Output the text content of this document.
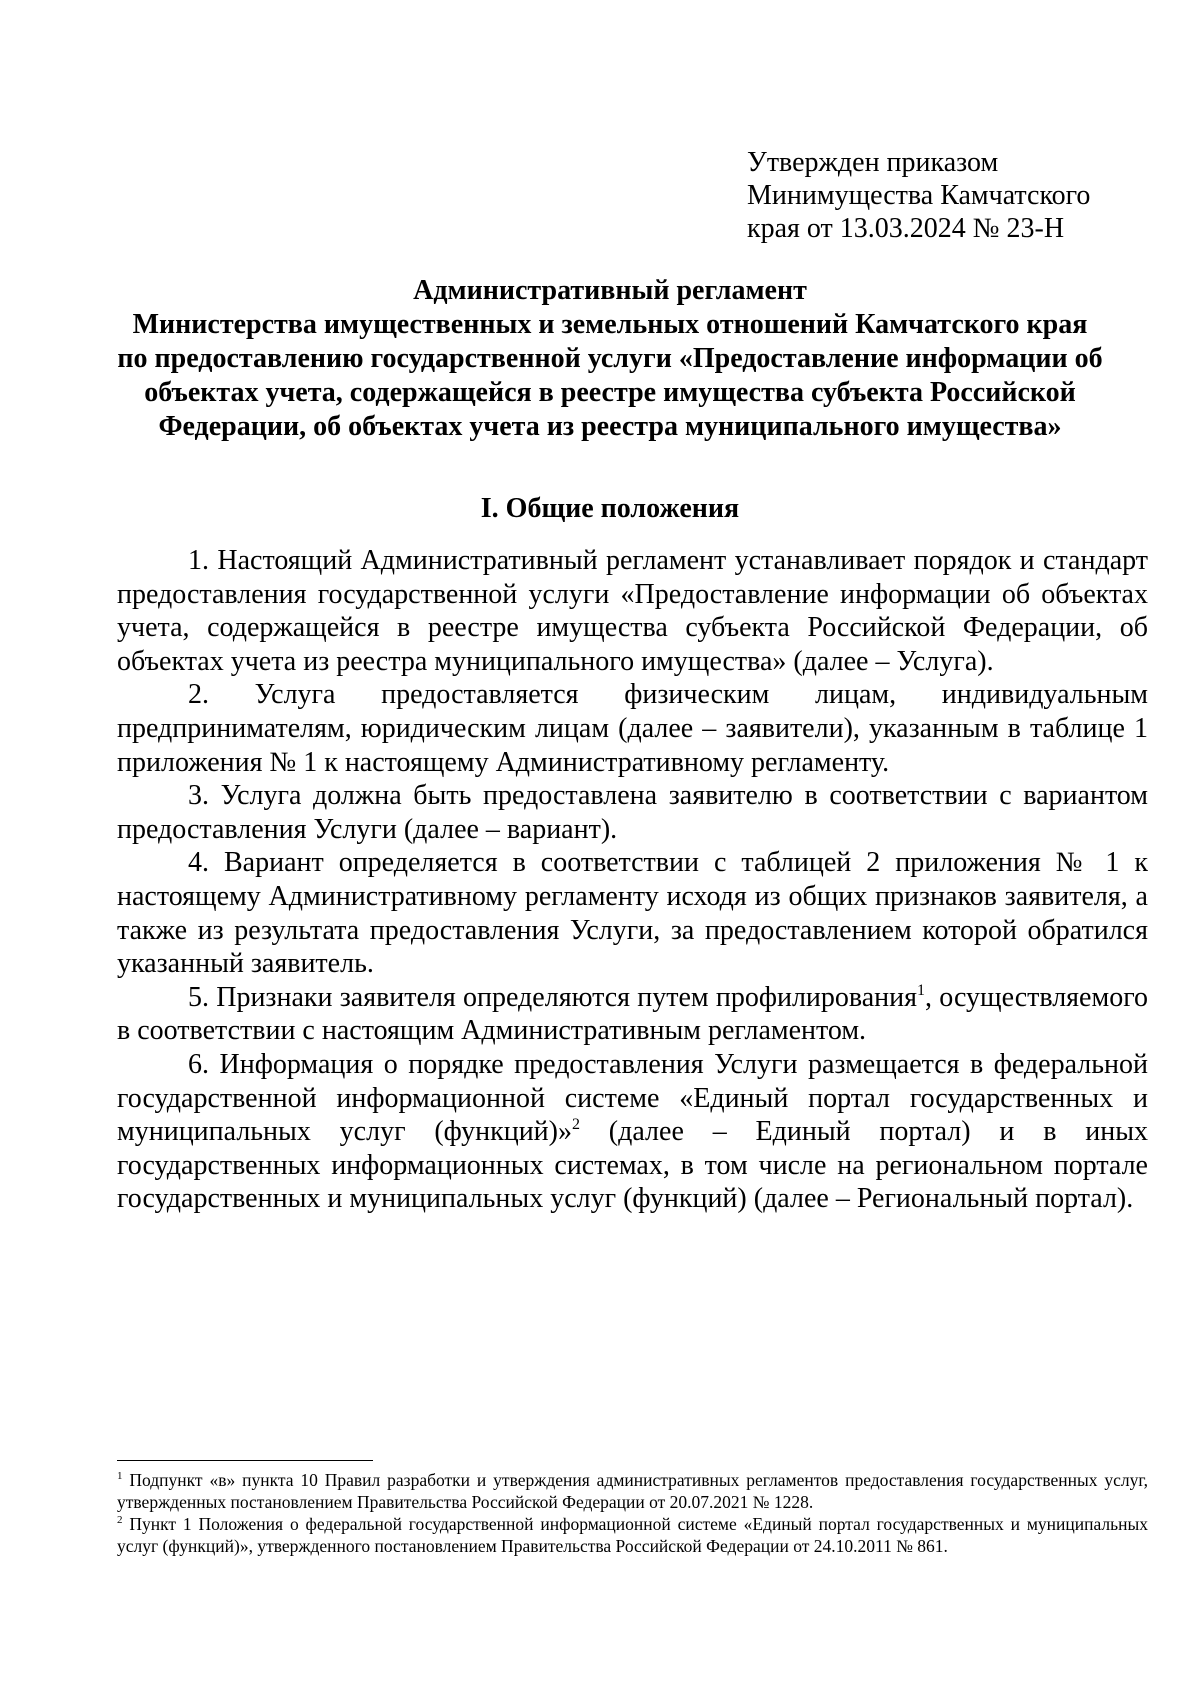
Утвержден приказом
Минимущества Камчатского
края от 13.03.2024 № 23-Н
Административный регламент
Министерства имущественных и земельных отношений Камчатского края
по предоставлению государственной услуги «Предоставление информации об
объектах учета, содержащейся в реестре имущества субъекта Российской
Федерации, об объектах учета из реестра муниципального имущества»
I. Общие положения

1. Настоящий Административный регламент устанавливает порядок и стандарт предоставления государственной услуги «Предоставление информации об объектах учета, содержащейся в реестре имущества субъекта Российской Федерации, об объектах учета из реестра муниципального имущества» (далее – Услуга).

2. Услуга предоставляется физическим лицам, индивидуальным предпринимателям, юридическим лицам (далее – заявители), указанным в таблице 1 приложения № 1 к настоящему Административному регламенту.

3. Услуга должна быть предоставлена заявителю в соответствии с вариантом предоставления Услуги (далее – вариант).

4. Вариант определяется в соответствии с таблицей 2 приложения № 1 к настоящему Административному регламенту исходя из общих признаков заявителя, а также из результата предоставления Услуги, за предоставлением которой обратился указанный заявитель.

5. Признаки заявителя определяются путем профилирования$^1$, осуществляемого в соответствии с настоящим Административным регламентом.

6. Информация о порядке предоставления Услуги размещается в федеральной государственной информационной системе «Единый портал государственных и муниципальных услуг (функций)»$^2$ (далее – Единый портал) и в иных государственных информационных системах, в том числе на региональном портале государственных и муниципальных услуг (функций) (далее – Региональный портал).

$^1$ Подпункт «в» пункта 10 Правил разработки и утверждения административных регламентов предоставления государственных услуг, утвержденных постановлением Правительства Российской Федерации от 20.07.2021 № 1228.

$^2$ Пункт 1 Положения о федеральной государственной информационной системе «Единый портал государственных и муниципальных услуг (функций)», утвержденного постановлением Правительства Российской Федерации от 24.10.2011 № 861.
